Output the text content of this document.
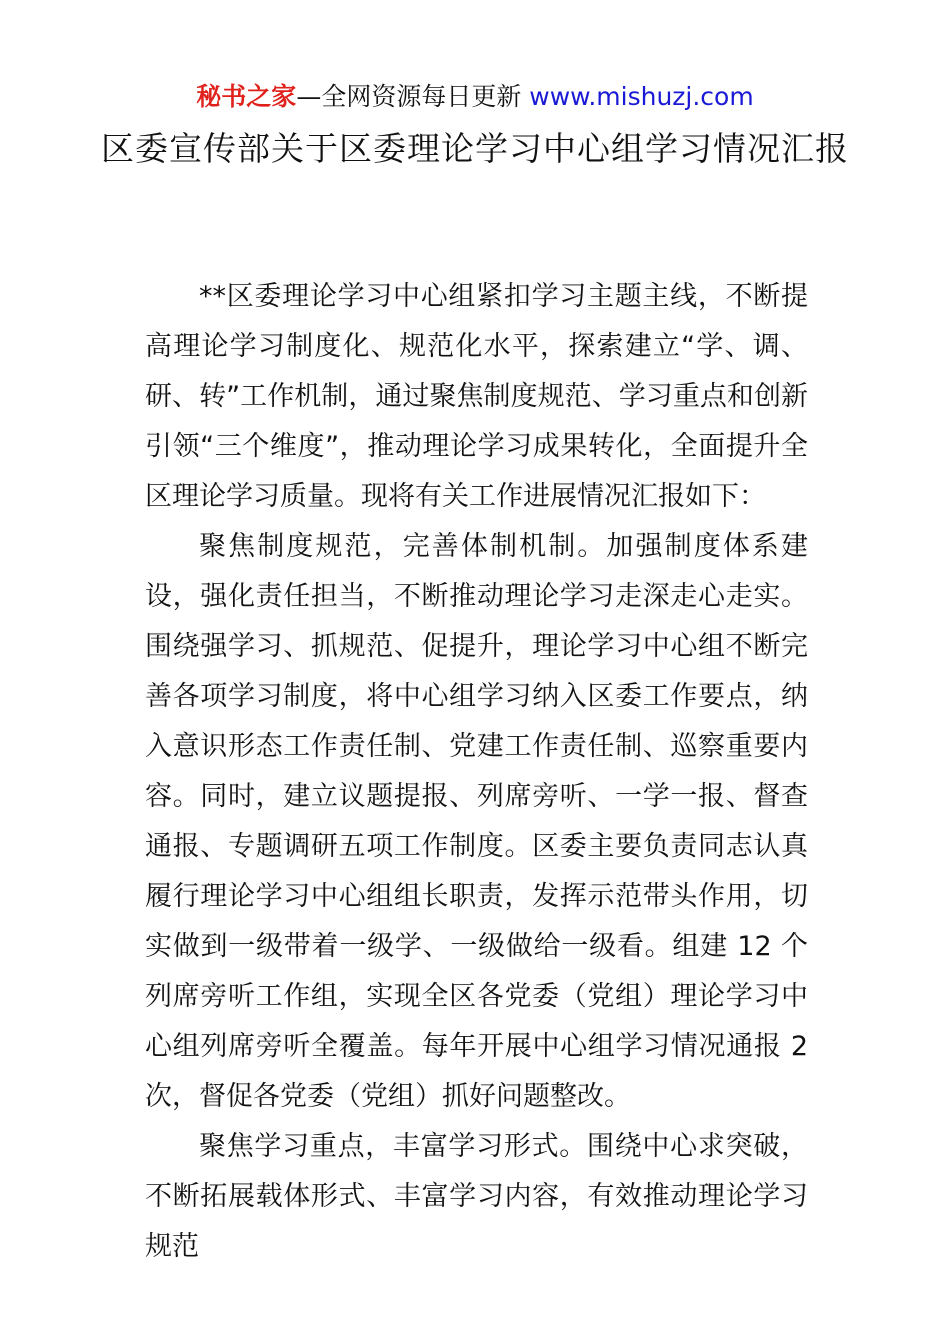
秘书之家—全网资源每日更新 www.mishuzj.com
区委宣传部关于区委理论学习中心组学习情况汇报

**区委理论学习中心组紧扣学习主题主线，不断提高理论学习制度化、规范化水平，探索建立“学、调、研、转”工作机制，通过聚焦制度规范、学习重点和创新引领“三个维度”，推动理论学习成果转化，全面提升全区理论学习质量。现将有关工作进展情况汇报如下：

聚焦制度规范，完善体制机制。加强制度体系建设，强化责任担当，不断推动理论学习走深走心走实。围绕强学习、抓规范、促提升，理论学习中心组不断完善各项学习制度，将中心组学习纳入区委工作要点，纳入意识形态工作责任制、党建工作责任制、巡察重要内容。同时，建立议题提报、列席旁听、一学一报、督查通报、专题调研五项工作制度。区委主要负责同志认真履行理论学习中心组组长职责，发挥示范带头作用，切实做到一级带着一级学、一级做给一级看。组建 12 个列席旁听工作组，实现全区各党委（党组）理论学习中心组列席旁听全覆盖。每年开展中心组学习情况通报 2 次，督促各党委（党组）抓好问题整改。

聚焦学习重点，丰富学习形式。围绕中心求突破，不断拓展载体形式、丰富学习内容，有效推动理论学习规范
